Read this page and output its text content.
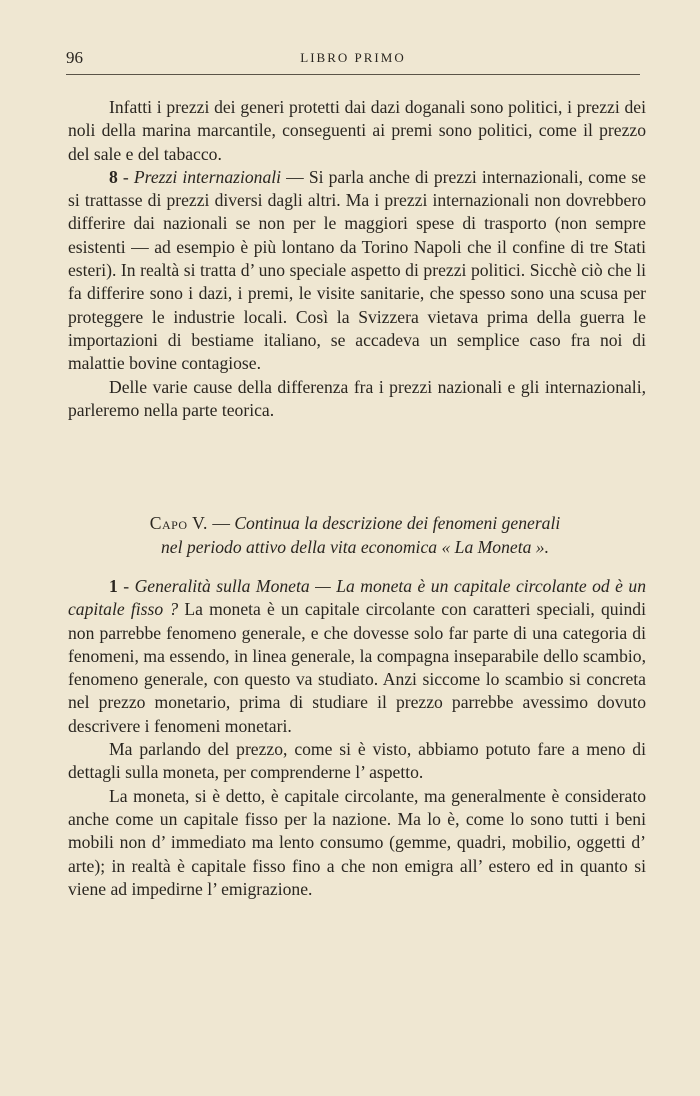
96	LIBRO PRIMO

Infatti i prezzi dei generi protetti dai dazi doganali sono politici, i prezzi dei noli della marina marcantile, conseguenti ai premi sono politici, come il prezzo del sale e del tabacco.

8 - Prezzi internazionali — Si parla anche di prezzi internazionali, come se si trattasse di prezzi diversi dagli altri. Ma i prezzi internazionali non dovrebbero differire dai nazionali se non per le maggiori spese di trasporto (non sempre esistenti — ad esempio è più lontano da Torino Napoli che il confine di tre Stati esteri). In realtà si tratta d’ uno speciale aspetto di prezzi politici. Sicchè ciò che li fa differire sono i dazi, i premi, le visite sanitarie, che spesso sono una scusa per proteggere le industrie locali. Così la Svizzera vietava prima della guerra le importazioni di bestiame italiano, se accadeva un semplice caso fra noi di malattie bovine contagiose.

Delle varie cause della differenza fra i prezzi nazionali e gli internazionali, parleremo nella parte teorica.

Capo V. — Continua la descrizione dei fenomeni generali
nel periodo attivo della vita economica « La Moneta ».

1 - Generalità sulla Moneta — La moneta è un capitale circolante od è un capitale fisso ? La moneta è un capitale circolante con caratteri speciali, quindi non parrebbe fenomeno generale, e che dovesse solo far parte di una categoria di fenomeni, ma essendo, in linea generale, la compagna inseparabile dello scambio, fenomeno generale, con questo va studiato. Anzi siccome lo scambio si concreta nel prezzo monetario, prima di studiare il prezzo parrebbe avessimo dovuto descrivere i fenomeni monetari.

Ma parlando del prezzo, come si è visto, abbiamo potuto fare a meno di dettagli sulla moneta, per comprenderne l’ aspetto.

La moneta, si è detto, è capitale circolante, ma generalmente è considerato anche come un capitale fisso per la nazione. Ma lo è, come lo sono tutti i beni mobili non d’ immediato ma lento consumo (gemme, quadri, mobilio, oggetti d’ arte); in realtà è capitale fisso fino a che non emigra all’ estero ed in quanto si viene ad impedirne l’ emigrazione.
